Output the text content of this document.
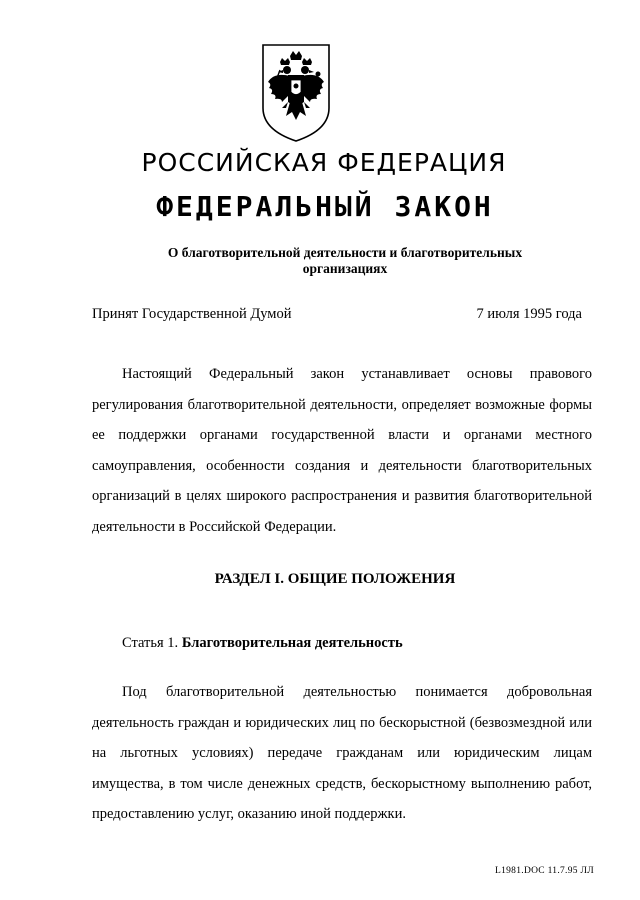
РОССИЙСКАЯ ФЕДЕРАЦИЯ
ФЕДЕРАЛЬНЫЙ ЗАКОН
О благотворительной деятельности и благотворительных организациях
Принят Государственной Думой	7 июля 1995 года

Настоящий Федеральный закон устанавливает основы правового регулирования благотворительной деятельности, определяет возможные формы ее поддержки органами государственной власти и органами местного самоуправления, особенности создания и деятельности благотворительных организаций в целях широкого распространения и развития благотворительной деятельности в Российской Федерации.

РАЗДЕЛ I. ОБЩИЕ ПОЛОЖЕНИЯ
Статья 1. Благотворительная деятельность

Под благотворительной деятельностью понимается добровольная деятельность граждан и юридических лиц по бескорыстной (безвозмездной или на льготных условиях) передаче гражданам или юридическим лицам имущества, в том числе денежных средств, бескорыстному выполнению работ, предоставлению услуг, оказанию иной поддержки.

L1981.DOC 11.7.95 ЛЛ
